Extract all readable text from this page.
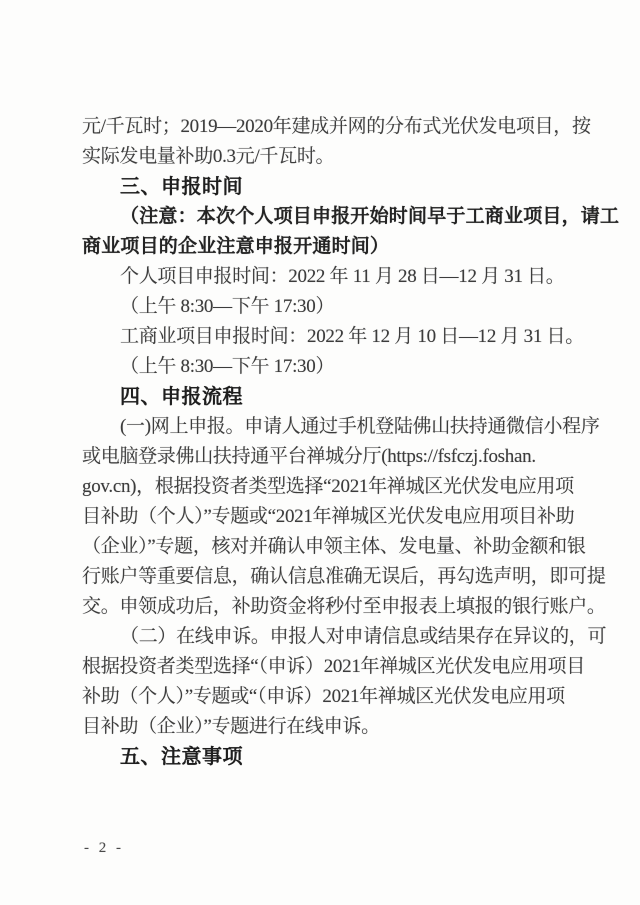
元/千瓦时；2019—2020年建成并网的分布式光伏发电项目，按

实际发电量补助0.3元/千瓦时。

三、申报时间

（注意：本次个人项目申报开始时间早于工商业项目，请工

商业项目的企业注意申报开通时间）

个人项目申报时间：2022 年 11 月 28 日—12 月 31 日。

（上午 8:30—下午 17:30）

工商业项目申报时间：2022 年 12 月 10 日—12 月 31 日。

（上午 8:30—下午 17:30）

四、申报流程

(一)网上申报。申请人通过手机登陆佛山扶持通微信小程序

或电脑登录佛山扶持通平台禅城分厅(https://fsfczj.foshan.

gov.cn)，根据投资者类型选择“2021年禅城区光伏发电应用项

目补助（个人）”专题或“2021年禅城区光伏发电应用项目补助

（企业）”专题，核对并确认申领主体、发电量、补助金额和银

行账户等重要信息，确认信息准确无误后，再勾选声明，即可提

交。申领成功后，补助资金将秒付至申报表上填报的银行账户。

（二）在线申诉。申报人对申请信息或结果存在异议的，可

根据投资者类型选择“（申诉）2021年禅城区光伏发电应用项目

补助（个人）”专题或“（申诉）2021年禅城区光伏发电应用项

目补助（企业）”专题进行在线申诉。

五、注意事项

- 2 -
